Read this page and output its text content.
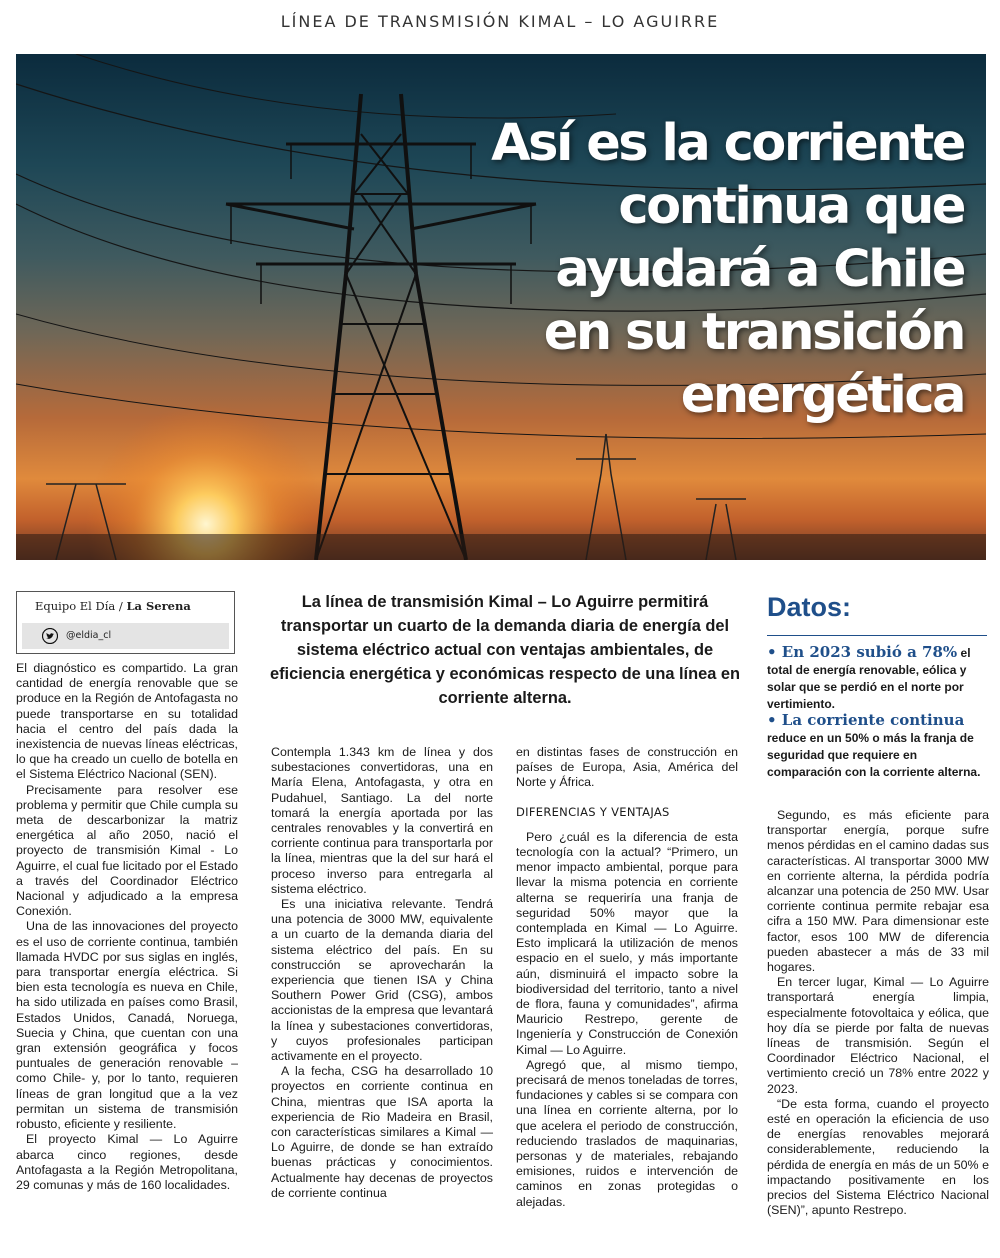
LÍNEA DE TRANSMISIÓN KIMAL – LO AGUIRRE
Así es la corriente
continua que
ayudará a Chile
en su transición
energética
Equipo El Día / La Serena
@eldia_cl
La línea de transmisión Kimal – Lo Aguirre permitirá transportar un cuarto de la demanda diaria de energía del sistema eléctrico actual con ventajas ambientales, de eficiencia energética y económicas respecto de una línea en corriente alterna.
Datos:
• En 2023 subió a 78% el total de energía renovable, eólica y solar que se perdió en el norte por vertimiento.
• La corriente continua reduce en un 50% o más la franja de seguridad que requiere en comparación con la corriente alterna.

El diagnóstico es compartido. La gran cantidad de energía renovable que se produce en la Región de Antofagasta no puede transportarse en su totalidad hacia el centro del país dada la inexistencia de nuevas líneas eléctricas, lo que ha creado un cuello de botella en el Sistema Eléctrico Nacional (SEN).

Precisamente para resolver ese problema y permitir que Chile cumpla su meta de descarbonizar la matriz energética al año 2050, nació el proyecto de transmisión Kimal - Lo Aguirre, el cual fue licitado por el Estado a través del Coordinador Eléctrico Nacional y adjudicado a la empresa Conexión.

Una de las innovaciones del proyecto es el uso de corriente continua, también llamada HVDC por sus siglas en inglés, para transportar energía eléctrica. Si bien esta tecnología es nueva en Chile, ha sido utilizada en países como Brasil, Estados Unidos, Canadá, Noruega, Suecia y China, que cuentan con una gran extensión geográfica y focos puntuales de generación renovable –como Chile- y, por lo tanto, requieren líneas de gran longitud que a la vez permitan un sistema de transmisión robusto, eficiente y resiliente.

El proyecto Kimal — Lo Aguirre abarca cinco regiones, desde Antofagasta a la Región Metropolitana, 29 comunas y más de 160 localidades.

Contempla 1.343 km de línea y dos subestaciones convertidoras, una en María Elena, Antofagasta, y otra en Pudahuel, Santiago. La del norte tomará la energía aportada por las centrales renovables y la convertirá en corriente continua para transportarla por la línea, mientras que la del sur hará el proceso inverso para entregarla al sistema eléctrico.

Es una iniciativa relevante. Tendrá una potencia de 3000 MW, equivalente a un cuarto de la demanda diaria del sistema eléctrico del país. En su construcción se aprovecharán la experiencia que tienen ISA y China Southern Power Grid (CSG), ambos accionistas de la empresa que levantará la línea y subestaciones convertidoras, y cuyos profesionales participan activamente en el proyecto.

A la fecha, CSG ha desarrollado 10 proyectos en corriente continua en China, mientras que ISA aporta la experiencia de Rio Madeira en Brasil, con características similares a Kimal — Lo Aguirre, de donde se han extraído buenas prácticas y conocimientos. Actualmente hay decenas de proyectos de corriente continua

en distintas fases de construcción en países de Europa, Asia, América del Norte y África.

DIFERENCIAS Y VENTAJAS

Pero ¿cuál es la diferencia de esta tecnología con la actual? “Primero, un menor impacto ambiental, porque para llevar la misma potencia en corriente alterna se requeriría una franja de seguridad 50% mayor que la contemplada en Kimal — Lo Aguirre. Esto implicará la utilización de menos espacio en el suelo, y más importante aún, disminuirá el impacto sobre la biodiversidad del territorio, tanto a nivel de flora, fauna y comunidades”, afirma Mauricio Restrepo, gerente de Ingeniería y Construcción de Conexión Kimal — Lo Aguirre.

Agregó que, al mismo tiempo, precisará de menos toneladas de torres, fundaciones y cables si se compara con una línea en corriente alterna, por lo que acelera el periodo de construcción, reduciendo traslados de maquinarias, personas y de materiales, rebajando emisiones, ruidos e intervención de caminos en zonas protegidas o alejadas.

Segundo, es más eficiente para transportar energía, porque sufre menos pérdidas en el camino dadas sus características. Al transportar 3000 MW en corriente alterna, la pérdida podría alcanzar una potencia de 250 MW. Usar corriente continua permite rebajar esa cifra a 150 MW. Para dimensionar este factor, esos 100 MW de diferencia pueden abastecer a más de 33 mil hogares.

En tercer lugar, Kimal — Lo Aguirre transportará energía limpia, especialmente fotovoltaica y eólica, que hoy día se pierde por falta de nuevas líneas de transmisión. Según el Coordinador Eléctrico Nacional, el vertimiento creció un 78% entre 2022 y 2023.

“De esta forma, cuando el proyecto esté en operación la eficiencia de uso de energías renovables mejorará considerablemente, reduciendo la pérdida de energía en más de un 50% e impactando positivamente en los precios del Sistema Eléctrico Nacional (SEN)”, apunto Restrepo.
